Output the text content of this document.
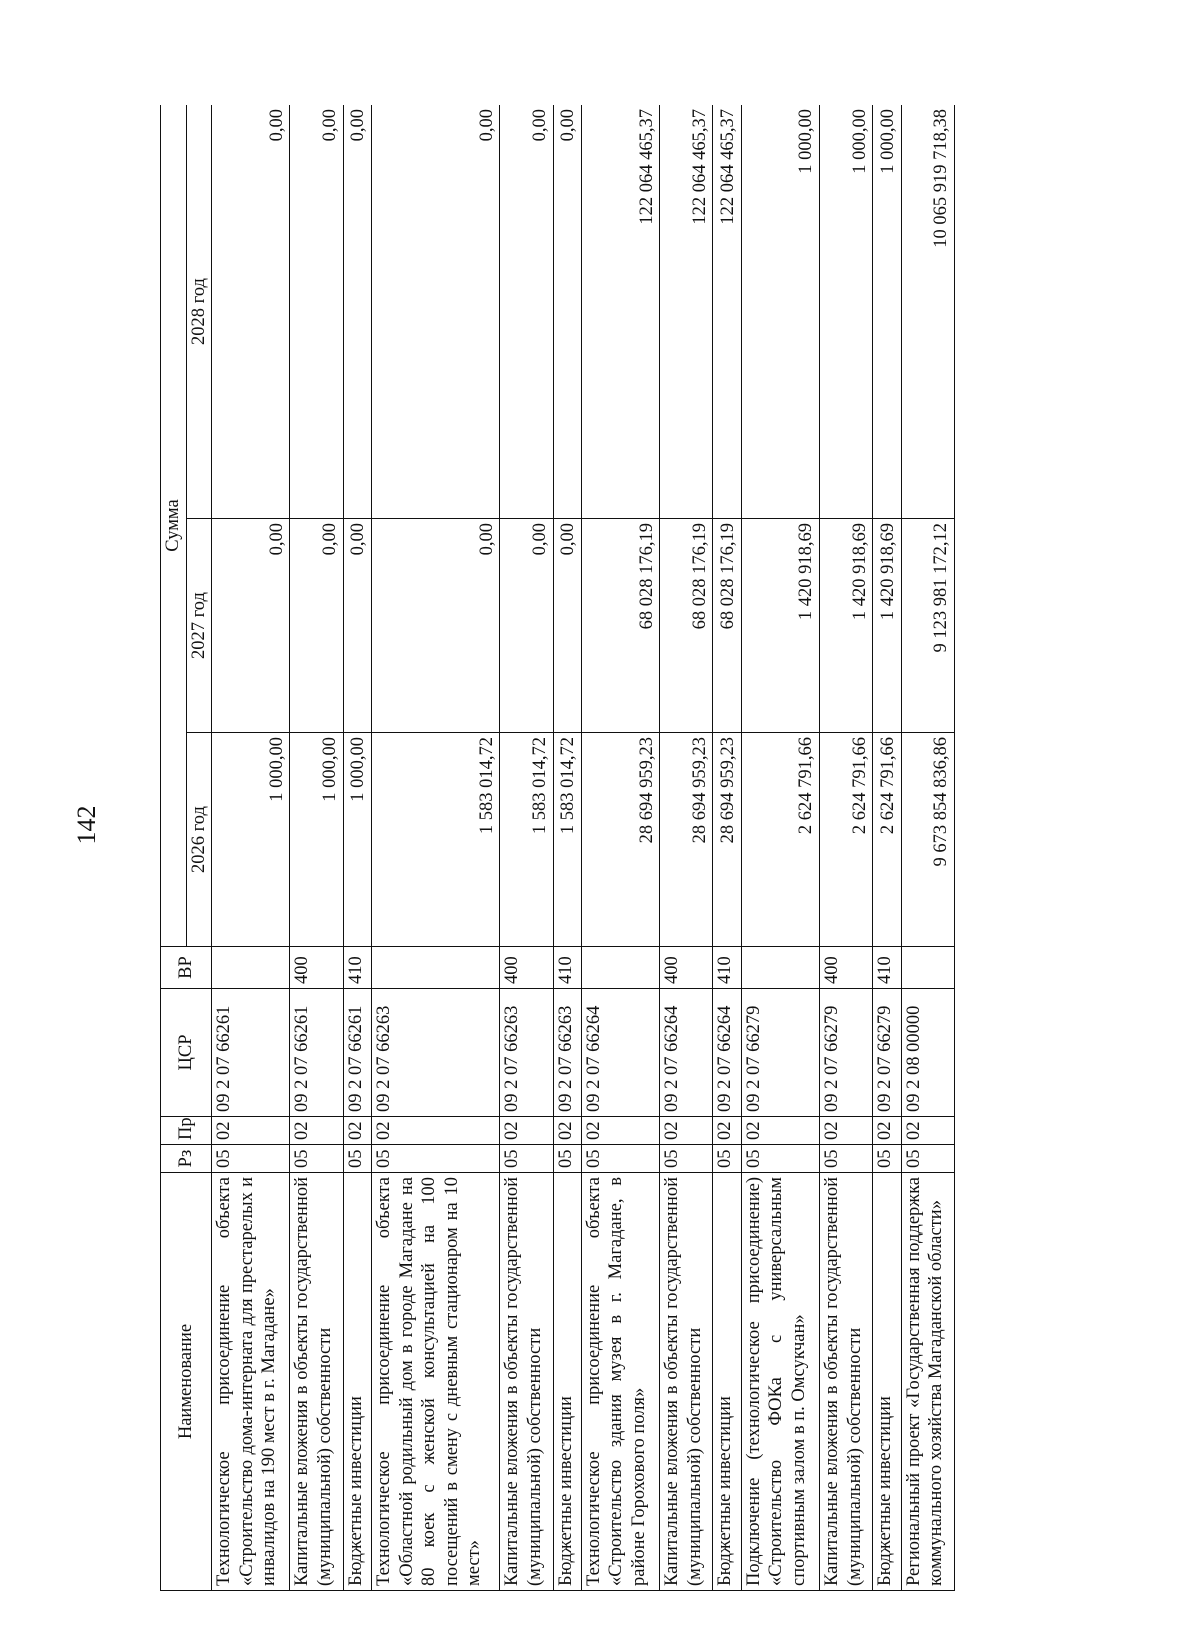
142
Наименование	Рз	Пр	ЦСР	ВР	Сумма		
					2026 год	2027 год	2028 год
Технологическое присоединение объекта «Строительство дома-интерната для престарелых и инвалидов на 190 мест в г. Магадане»	05	02	09 2 07 66261		1 000,00	0,00	0,00
Капитальные вложения в объекты государственной (муниципальной) собственности	05	02	09 2 07 66261	400	1 000,00	0,00	0,00
Бюджетные инвестиции	05	02	09 2 07 66261	410	1 000,00	0,00	0,00
Технологическое присоединение объекта «Областной родильный дом в городе Магадане на 80 коек с женской консультацией на 100 посещений в смену с дневным стационаром на 10 мест»	05	02	09 2 07 66263		1 583 014,72	0,00	0,00
Капитальные вложения в объекты государственной (муниципальной) собственности	05	02	09 2 07 66263	400	1 583 014,72	0,00	0,00
Бюджетные инвестиции	05	02	09 2 07 66263	410	1 583 014,72	0,00	0,00
Технологическое присоединение объекта «Строительство здания музея в г. Магадане, в районе Горохового поля»	05	02	09 2 07 66264		28 694 959,23	68 028 176,19	122 064 465,37
Капитальные вложения в объекты государственной (муниципальной) собственности	05	02	09 2 07 66264	400	28 694 959,23	68 028 176,19	122 064 465,37
Бюджетные инвестиции	05	02	09 2 07 66264	410	28 694 959,23	68 028 176,19	122 064 465,37
Подключение (технологическое присоединение) «Строительство ФОКа с универсальным спортивным залом в п. Омсукчан»	05	02	09 2 07 66279		2 624 791,66	1 420 918,69	1 000,00
Капитальные вложения в объекты государственной (муниципальной) собственности	05	02	09 2 07 66279	400	2 624 791,66	1 420 918,69	1 000,00
Бюджетные инвестиции	05	02	09 2 07 66279	410	2 624 791,66	1 420 918,69	1 000,00
Региональный проект «Государственная поддержка коммунального хозяйства Магаданской области»	05	02	09 2 08 00000		9 673 854 836,86	9 123 981 172,12	10 065 919 718,38
